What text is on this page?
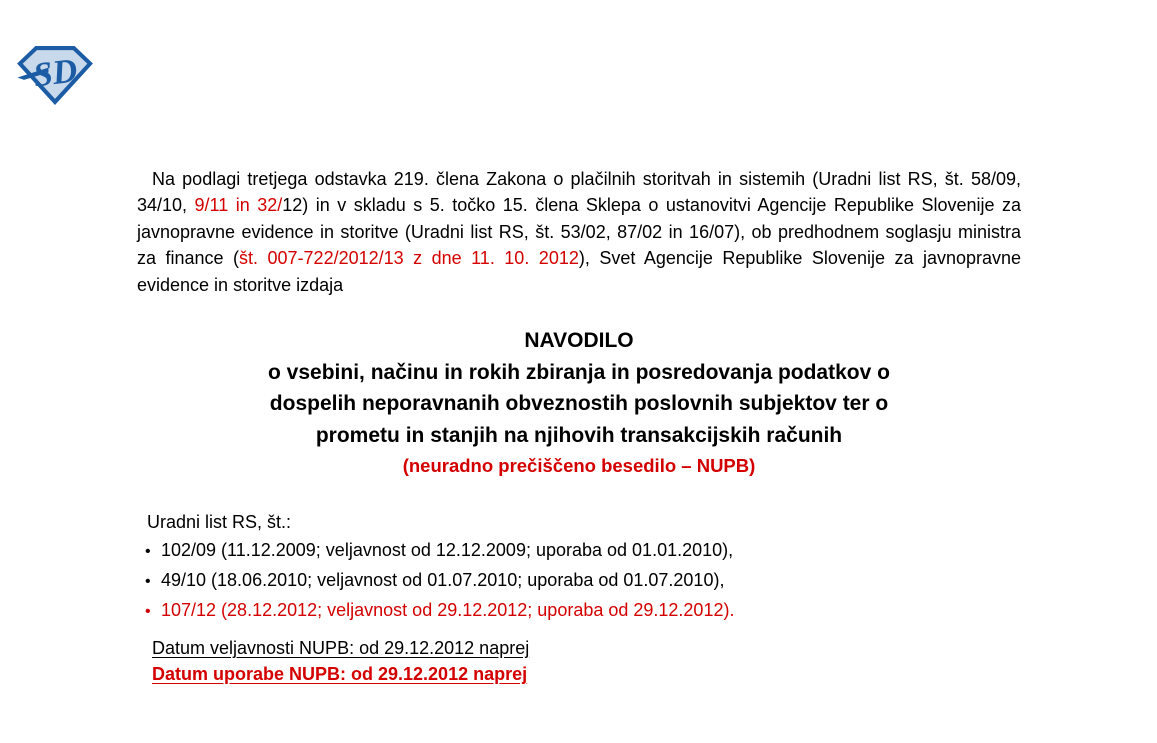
SD

Na podlagi tretjega odstavka 219. člena Zakona o plačilnih storitvah in sistemih (Uradni list RS, št. 58/09, 34/10, 9/11 in 32/12) in v skladu s 5. točko 15. člena Sklepa o ustanovitvi Agencije Republike Slovenije za javnopravne evidence in storitve (Uradni list RS, št. 53/02, 87/02 in 16/07), ob predhodnem soglasju ministra za finance (št. 007-722/2012/13 z dne 11. 10. 2012), Svet Agencije Republike Slovenije za javnopravne evidence in storitve izdaja

NAVODILO
o vsebini, načinu in rokih zbiranja in posredovanja podatkov o
dospelih neporavnanih obveznostih poslovnih subjektov ter o
prometu in stanjih na njihovih transakcijskih računih
(neuradno prečiščeno besedilo – NUPB)
Uradni list RS, št.:
• 102/09 (11.12.2009; veljavnost od 12.12.2009; uporaba od 01.01.2010),
• 49/10 (18.06.2010; veljavnost od 01.07.2010; uporaba od 01.07.2010),
• 107/12 (28.12.2012; veljavnost od 29.12.2012; uporaba od 29.12.2012).
Datum veljavnosti NUPB: od 29.12.2012 naprej
Datum uporabe NUPB: od 29.12.2012 naprej
